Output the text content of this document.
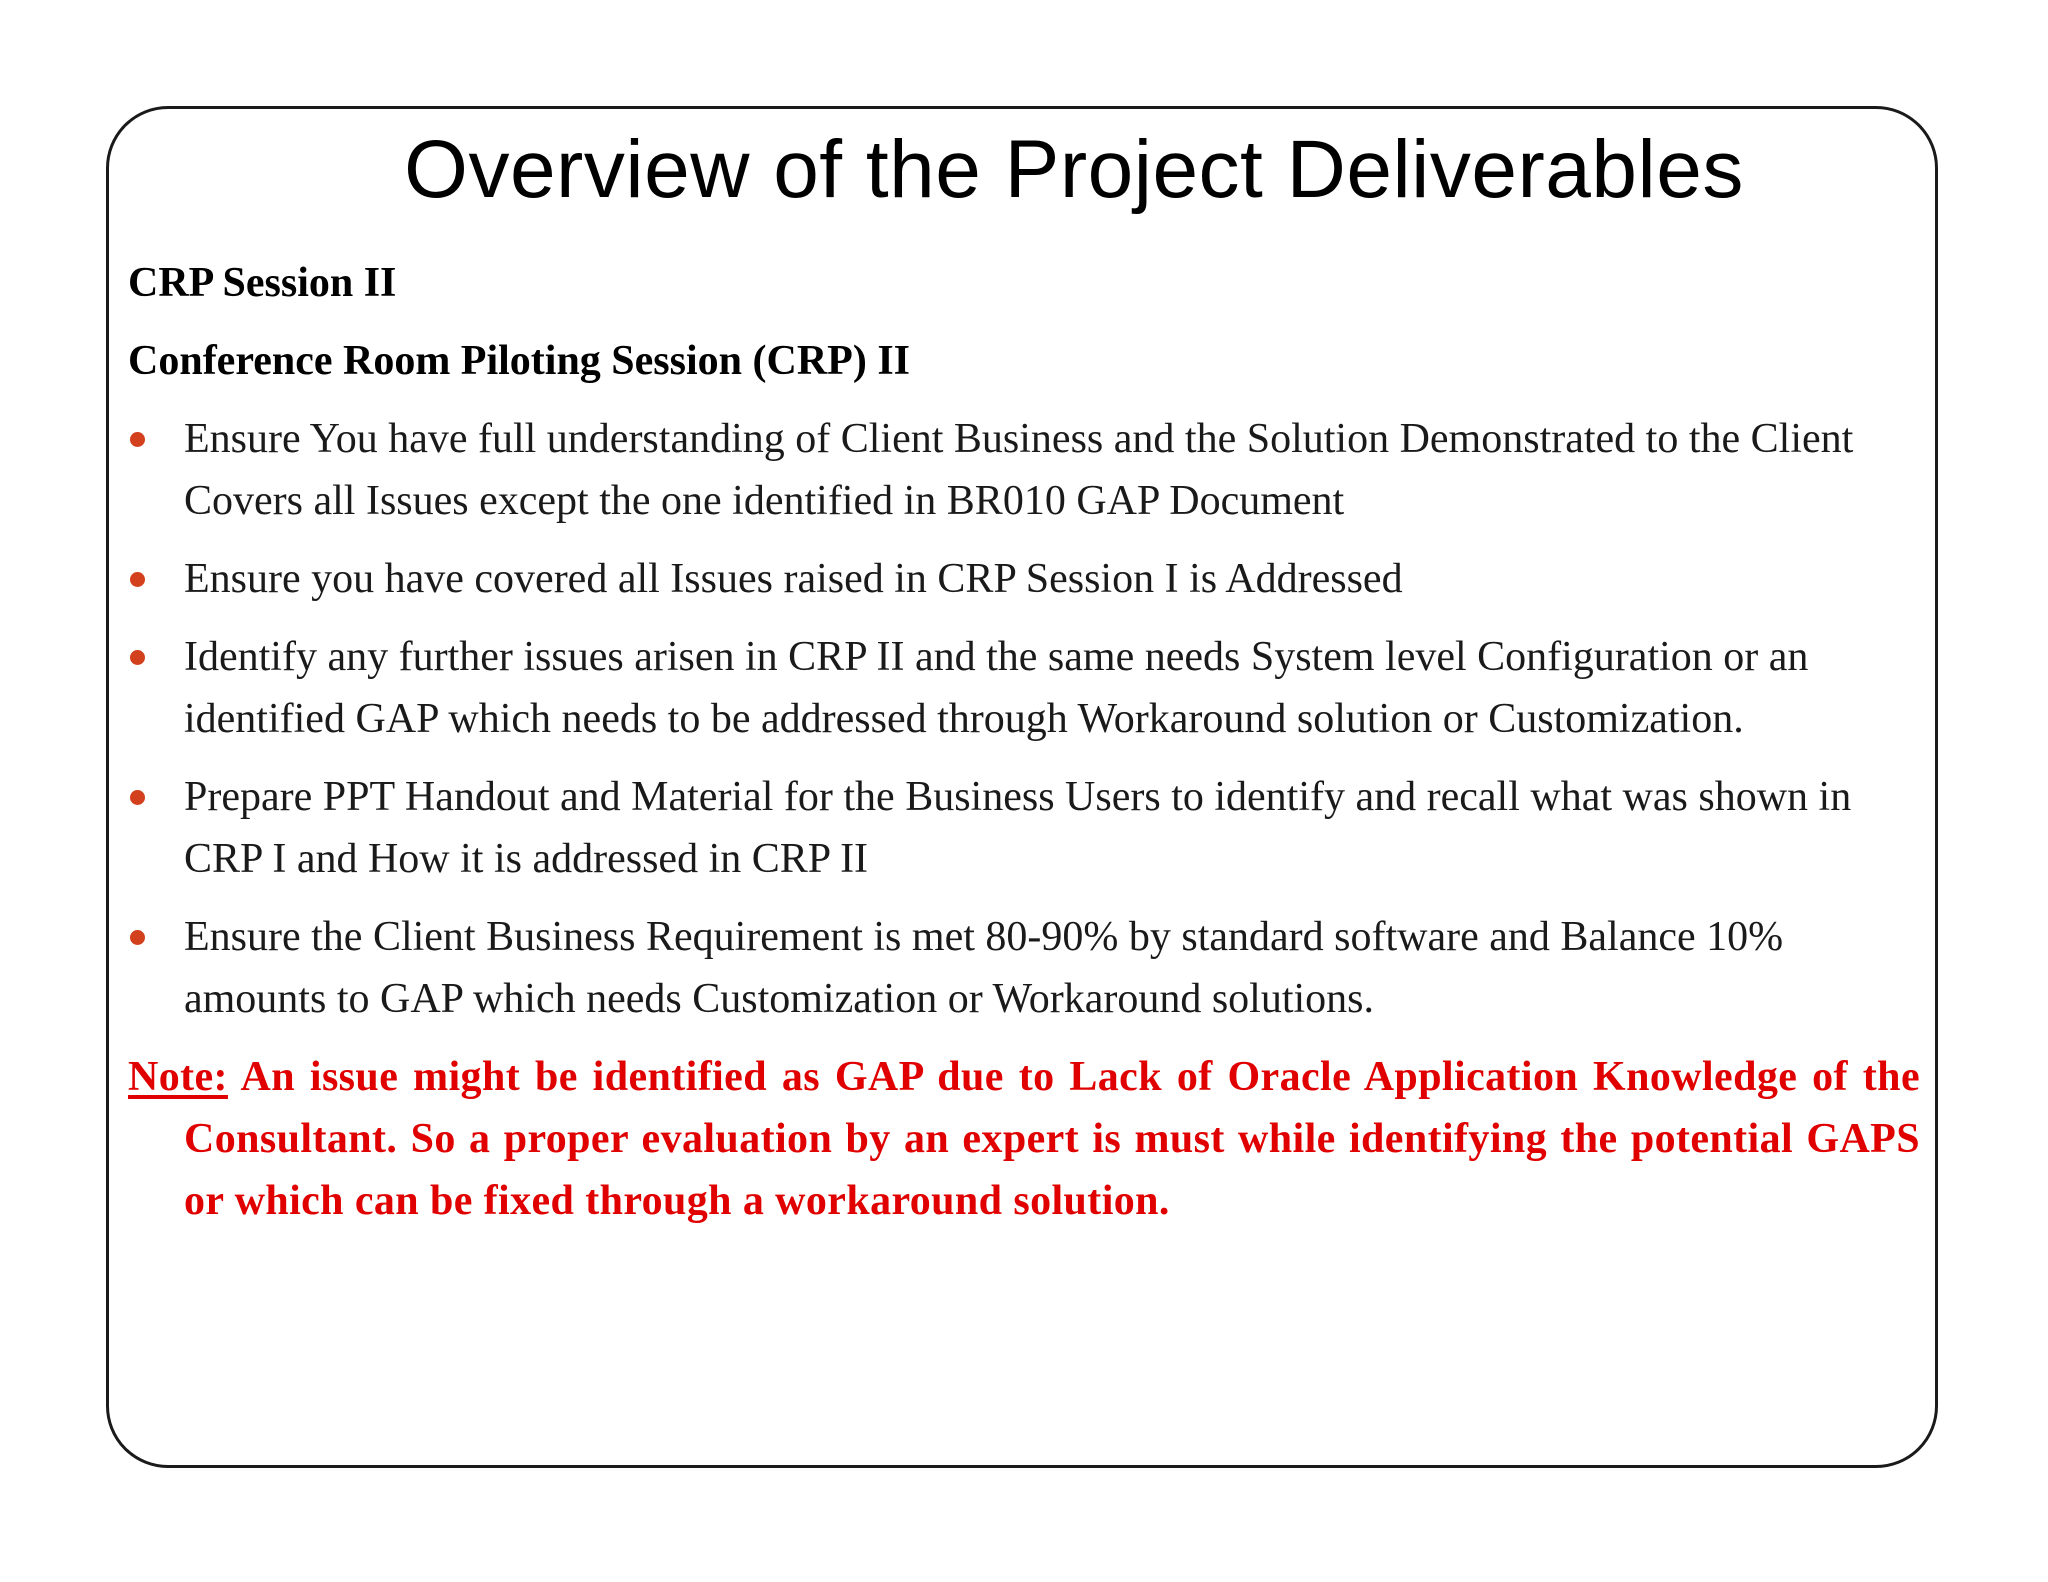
Overview of the Project Deliverables
CRP Session II
Conference Room Piloting Session (CRP) II
Ensure You have full understanding of Client Business and the Solution Demonstrated to the Client Covers all Issues except the one identified in BR010 GAP Document
Ensure you have covered all Issues raised in CRP Session I is Addressed
Identify any further issues arisen in CRP II and the same needs System level Configuration or an identified GAP which needs to be addressed through Workaround solution or Customization.
Prepare PPT Handout and Material for the Business Users to identify and recall what was shown in CRP I and How it is addressed in CRP II
Ensure the Client Business Requirement is met 80-90% by standard software and Balance 10% amounts to GAP which needs Customization or Workaround solutions.
Note: An issue might be identified as GAP due to Lack of Oracle Application Knowledge of the Consultant. So a proper evaluation by an expert is must while identifying the potential GAPS or which can be fixed through a workaround solution.
